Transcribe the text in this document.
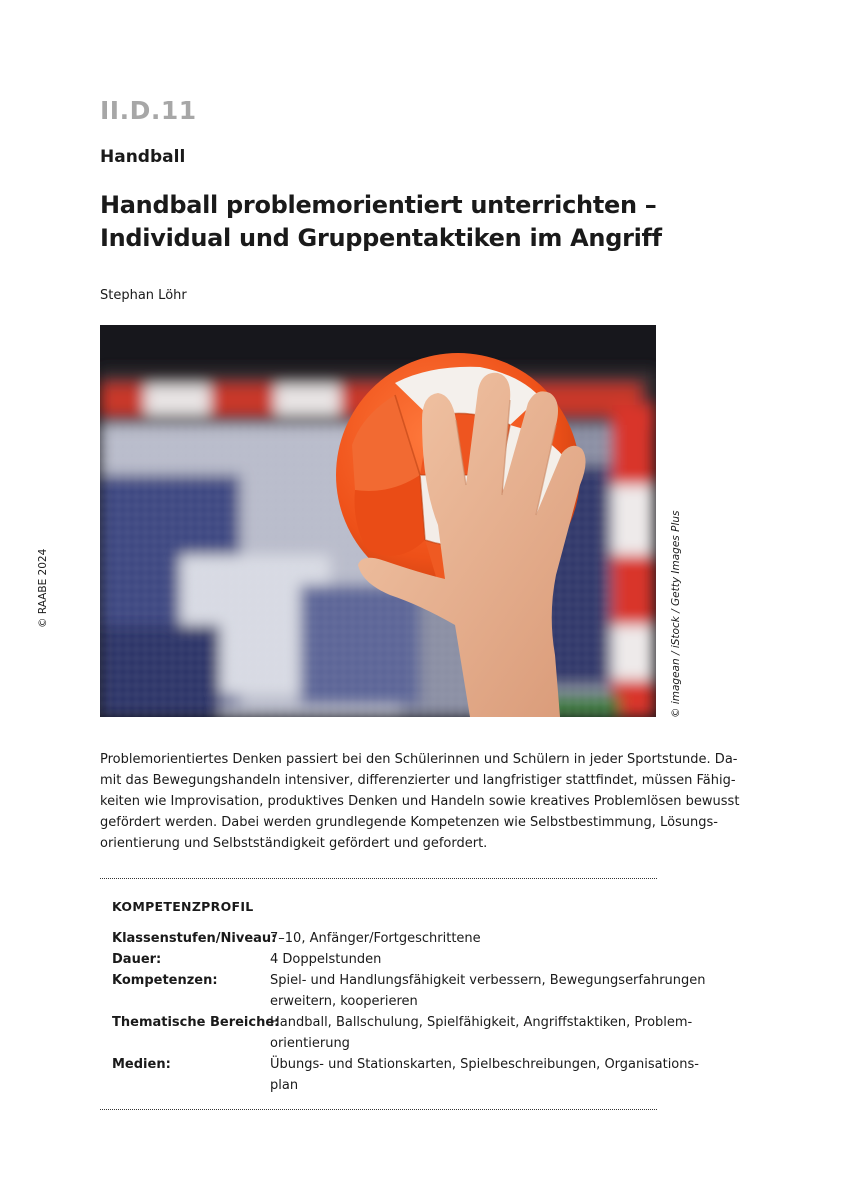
II.D.11
Handball
Handball problemorientiert unterrichten –
Individual und Gruppentaktiken im Angriff
Stephan Löhr
© imagean / iStock / Getty Images Plus
© RAABE 2024
Problemorientiertes Denken passiert bei den Schülerinnen und Schülern in jeder Sportstunde. Da-
mit das Bewegungshandeln intensiver, differenzierter und langfristiger stattfindet, müssen Fähig-
keiten wie Improvisation, produktives Denken und Handeln sowie kreatives Problemlösen bewusst
gefördert werden. Dabei werden grundlegende Kompetenzen wie Selbstbestimmung, Lösungs-
orientierung und Selbstständigkeit gefördert und gefordert.
KOMPETENZPROFIL
Klassenstufen/Niveau:
7–10, Anfänger/Fortgeschrittene
Dauer:	4 Doppelstunden
Kompetenzen:	Spiel- und Handlungsfähigkeit verbessern, Bewegungserfahrungen
erweitern, kooperieren
Thematische Bereiche:
Handball, Ballschulung, Spielfähigkeit, Angriffstaktiken, Problem-
orientierung
Medien:	Übungs- und Stationskarten, Spielbeschreibungen, Organisations-
plan
